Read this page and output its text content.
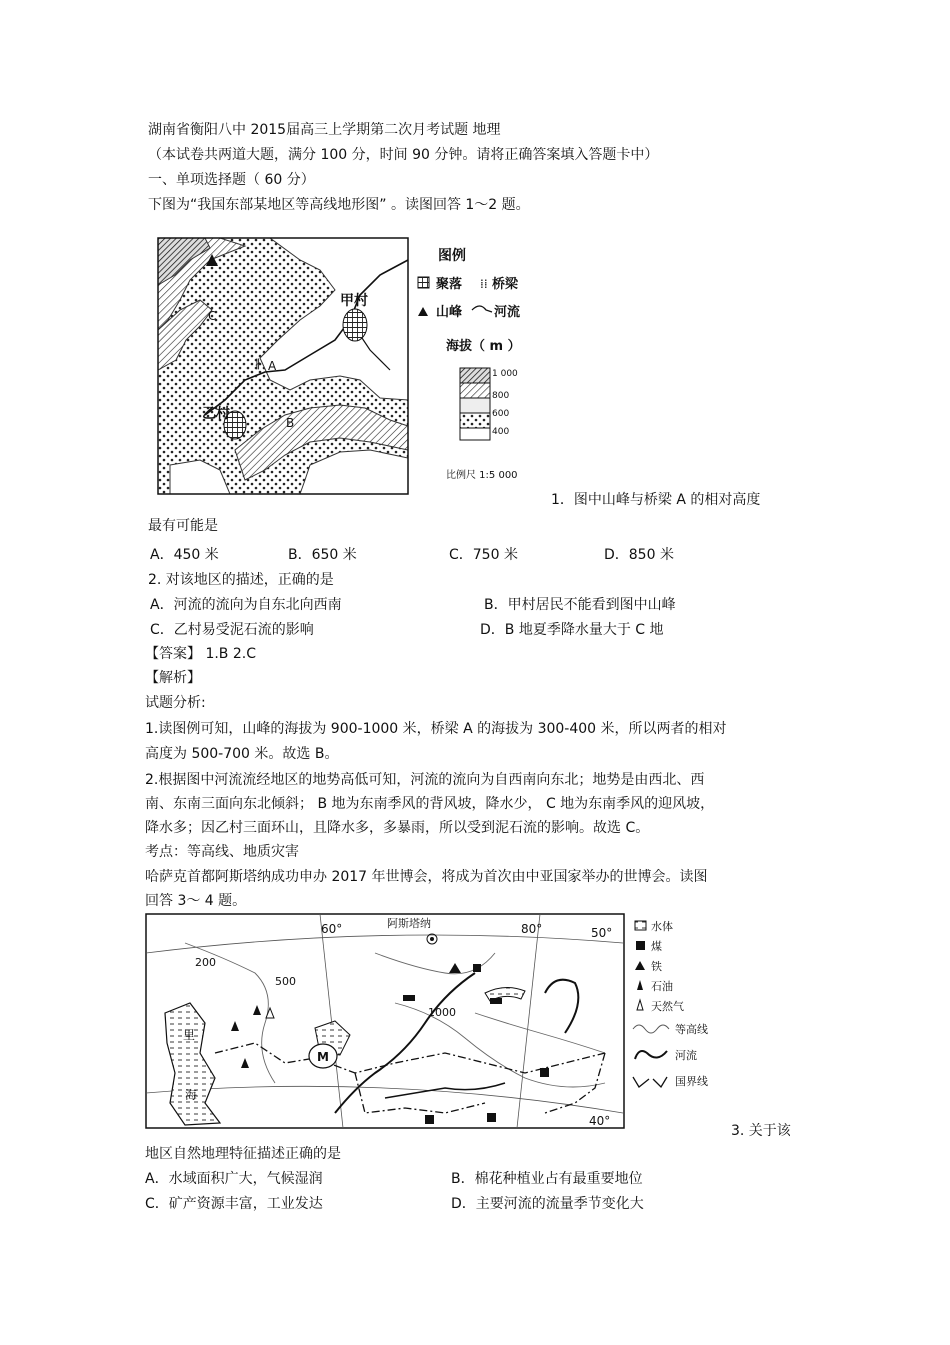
湖南省衡阳八中 2015届高三上学期第二次月考试题 地理
（本试卷共两道大题，满分 100 分，时间 90 分钟。请将正确答案填入答题卡中）
一、单项选择题（ 60 分）
下图为“我国东部某地区等高线地形图” 。读图回答 1～2 题。
∦
甲村
乙村
A
B
C
图例
聚落 ⁞⁞ 桥梁
山峰 河流
海拔（ m ）
1 000
800
600
400
比例尺 1:5 000
1．图中山峰与桥梁 A 的相对高度
最有可能是
A．450 米	B．650 米	C．750 米	D．850 米
2. 对该地区的描述，正确的是
A．河流的流向为自东北向西南	B．甲村居民不能看到图中山峰
C．乙村易受泥石流的影响	D．B 地夏季降水量大于 C 地
【答案】 1.B 2.C
【解析】
试题分析:
1.读图例可知，山峰的海拔为 900-1000 米，桥梁 A 的海拔为 300-400 米，所以两者的相对
高度为 500-700 米。故选 B。
2.根据图中河流流经地区的地势高低可知，河流的流向为自西南向东北；地势是由西北、西
南、东南三面向东北倾斜； B 地为东南季风的背风坡，降水少， C 地为东南季风的迎风坡，
降水多；因乙村三面环山，且降水多，多暴雨，所以受到泥石流的影响。故选 C。
考点：等高线、地质灾害
哈萨克首都阿斯塔纳成功申办 2017 年世博会，将成为首次由中亚国家举办的世博会。读图
回答 3～ 4 题。
M
阿斯塔纳
60°	80°	50°
40°
200
500
1000
里
海
水体
煤
铁
石油
天然气
等高线
河流
国界线
3. 关于该
地区自然地理特征描述正确的是
A．水域面积广大，气候湿润	B．棉花种植业占有最重要地位
C．矿产资源丰富，工业发达	D．主要河流的流量季节变化大
